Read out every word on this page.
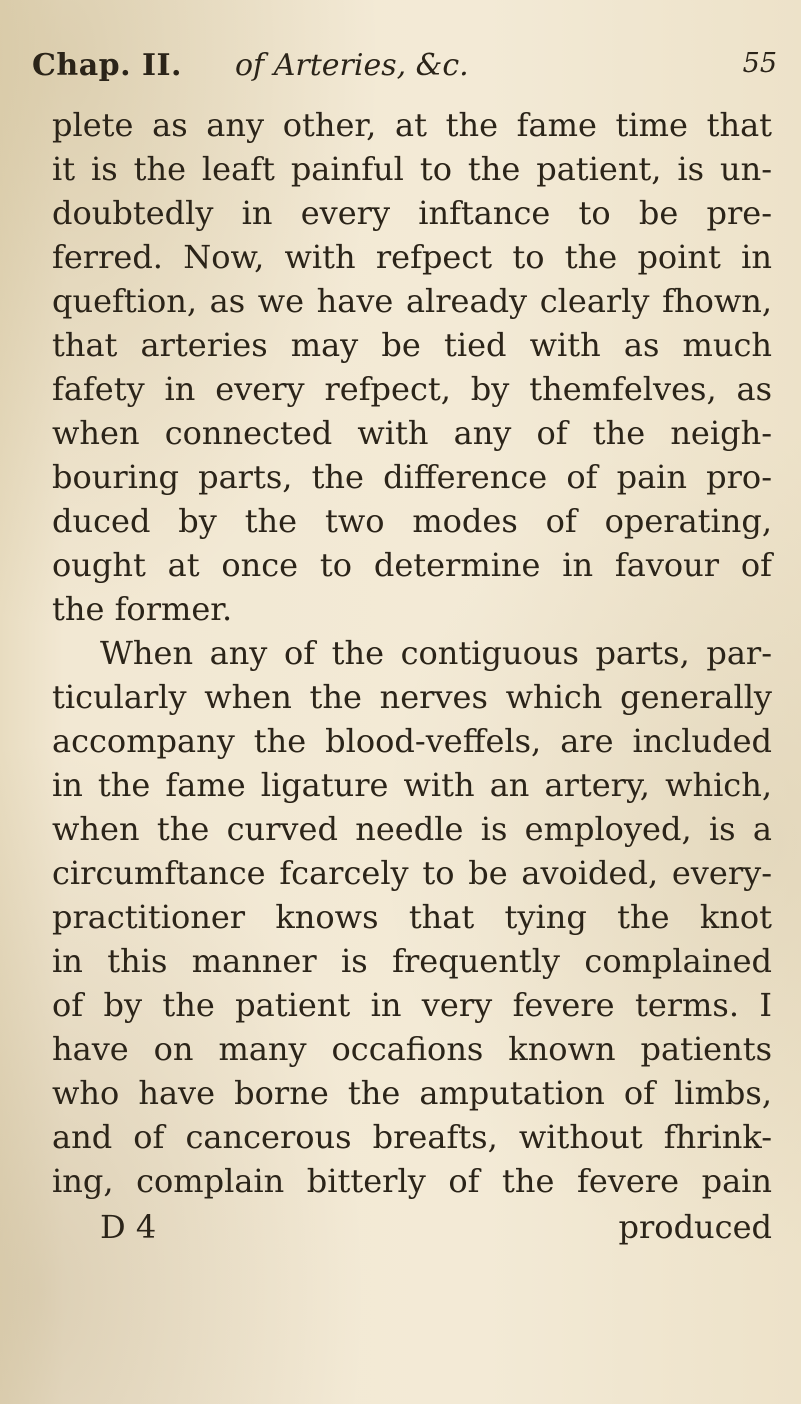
Chap. II. of Arteries, &c.	55
plete as any other, at the fame time that
it is the leaft painful to the patient, is un-
doubtedly in every inftance to be pre-
ferred. Now, with refpect to the point in
queftion, as we have already clearly fhown,
that arteries may be tied with as much
fafety in every refpect, by themfelves, as
when connected with any of the neigh-
bouring parts, the difference of pain pro-
duced by the two modes of operating,
ought at once to determine in favour of
the former.
When any of the contiguous parts, par-
ticularly when the nerves which generally
accompany the blood-veffels, are included
in the fame ligature with an artery, which,
when the curved needle is employed, is a
circumftance fcarcely to be avoided, every-
practitioner knows that tying the knot
in this manner is frequently complained
of by the patient in very fevere terms. I
have on many occafions known patients
who have borne the amputation of limbs,
and of cancerous breafts, without fhrink-
ing, complain bitterly of the fevere pain
D 4	produced
